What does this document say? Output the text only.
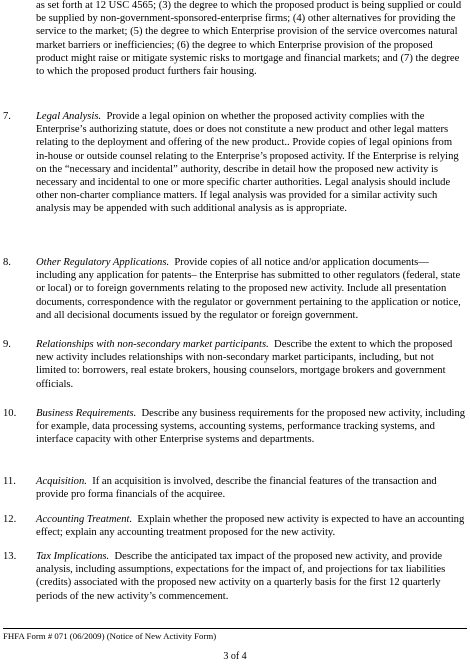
as set forth at 12 USC 4565; (3) the degree to which the proposed product is being supplied or could be supplied by non-government-sponsored-enterprise firms; (4) other alternatives for providing the service to the market; (5) the degree to which Enterprise provision of the service overcomes natural market barriers or inefficiencies; (6) the degree to which Enterprise provision of the proposed product might raise or mitigate systemic risks to mortgage and financial markets; and (7) the degree to which the proposed product furthers fair housing.
7. Legal Analysis. Provide a legal opinion on whether the proposed activity complies with the Enterprise’s authorizing statute, does or does not constitute a new product and other legal matters relating to the deployment and offering of the new product.. Provide copies of legal opinions from in-house or outside counsel relating to the Enterprise’s proposed activity. If the Enterprise is relying on the “necessary and incidental” authority, describe in detail how the proposed new activity is necessary and incidental to one or more specific charter authorities. Legal analysis should include other non-charter compliance matters. If legal analysis was provided for a similar activity such analysis may be appended with such additional analysis as is appropriate.
8. Other Regulatory Applications. Provide copies of all notice and/or application documents— including any application for patents– the Enterprise has submitted to other regulators (federal, state or local) or to foreign governments relating to the proposed new activity. Include all presentation documents, correspondence with the regulator or government pertaining to the application or notice, and all decisional documents issued by the regulator or foreign government.
9. Relationships with non-secondary market participants. Describe the extent to which the proposed new activity includes relationships with non-secondary market participants, including, but not limited to: borrowers, real estate brokers, housing counselors, mortgage brokers and government officials.
10. Business Requirements. Describe any business requirements for the proposed new activity, including for example, data processing systems, accounting systems, performance tracking systems, and interface capacity with other Enterprise systems and departments.
11. Acquisition. If an acquisition is involved, describe the financial features of the transaction and provide pro forma financials of the acquiree.
12. Accounting Treatment. Explain whether the proposed new activity is expected to have an accounting effect; explain any accounting treatment proposed for the new activity.
13. Tax Implications. Describe the anticipated tax impact of the proposed new activity, and provide analysis, including assumptions, expectations for the impact of, and projections for tax liabilities (credits) associated with the proposed new activity on a quarterly basis for the first 12 quarterly periods of the new activity’s commencement.
FHFA Form # 071 (06/2009) (Notice of New Activity Form)
3 of 4
